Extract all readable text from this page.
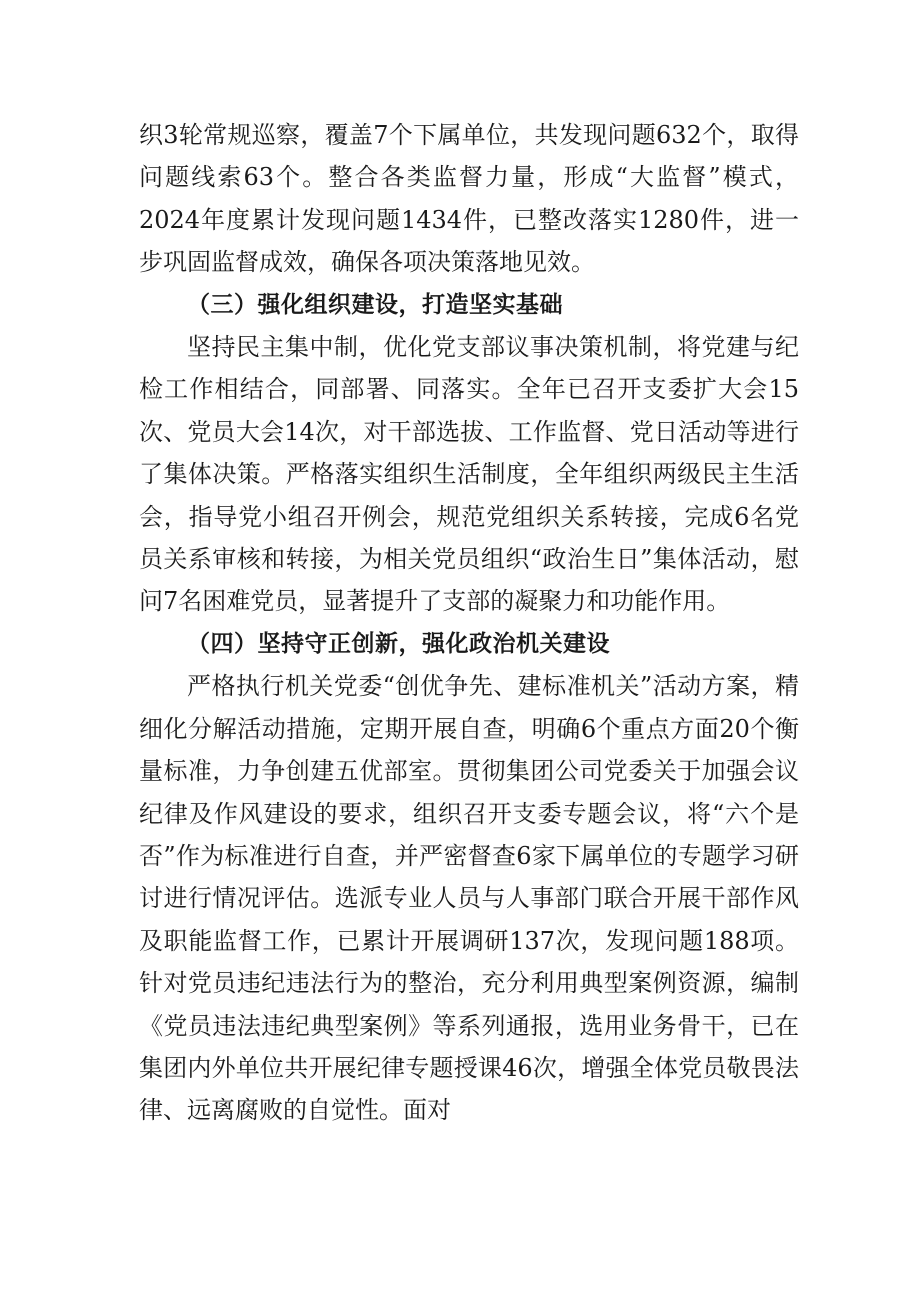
织3轮常规巡察，覆盖7个下属单位，共发现问题632个，取得问题线索63个。整合各类监督力量，形成“大监督”模式，2024年度累计发现问题1434件，已整改落实1280件，进一步巩固监督成效，确保各项决策落地见效。

（三）强化组织建设，打造坚实基础

坚持民主集中制，优化党支部议事决策机制，将党建与纪检工作相结合，同部署、同落实。全年已召开支委扩大会15次、党员大会14次，对干部选拔、工作监督、党日活动等进行了集体决策。严格落实组织生活制度，全年组织两级民主生活会，指导党小组召开例会，规范党组织关系转接，完成6名党员关系审核和转接，为相关党员组织“政治生日”集体活动，慰问7名困难党员，显著提升了支部的凝聚力和功能作用。

（四）坚持守正创新，强化政治机关建设

严格执行机关党委“创优争先、建标准机关”活动方案，精细化分解活动措施，定期开展自查，明确6个重点方面20个衡量标准，力争创建五优部室。贯彻集团公司党委关于加强会议纪律及作风建设的要求，组织召开支委专题会议，将“六个是否”作为标准进行自查，并严密督查6家下属单位的专题学习研讨进行情况评估。选派专业人员与人事部门联合开展干部作风及职能监督工作，已累计开展调研137次，发现问题188项。针对党员违纪违法行为的整治，充分利用典型案例资源，编制《党员违法违纪典型案例》等系列通报，选用业务骨干，已在集团内外单位共开展纪律专题授课46次，增强全体党员敬畏法律、远离腐败的自觉性。面对
